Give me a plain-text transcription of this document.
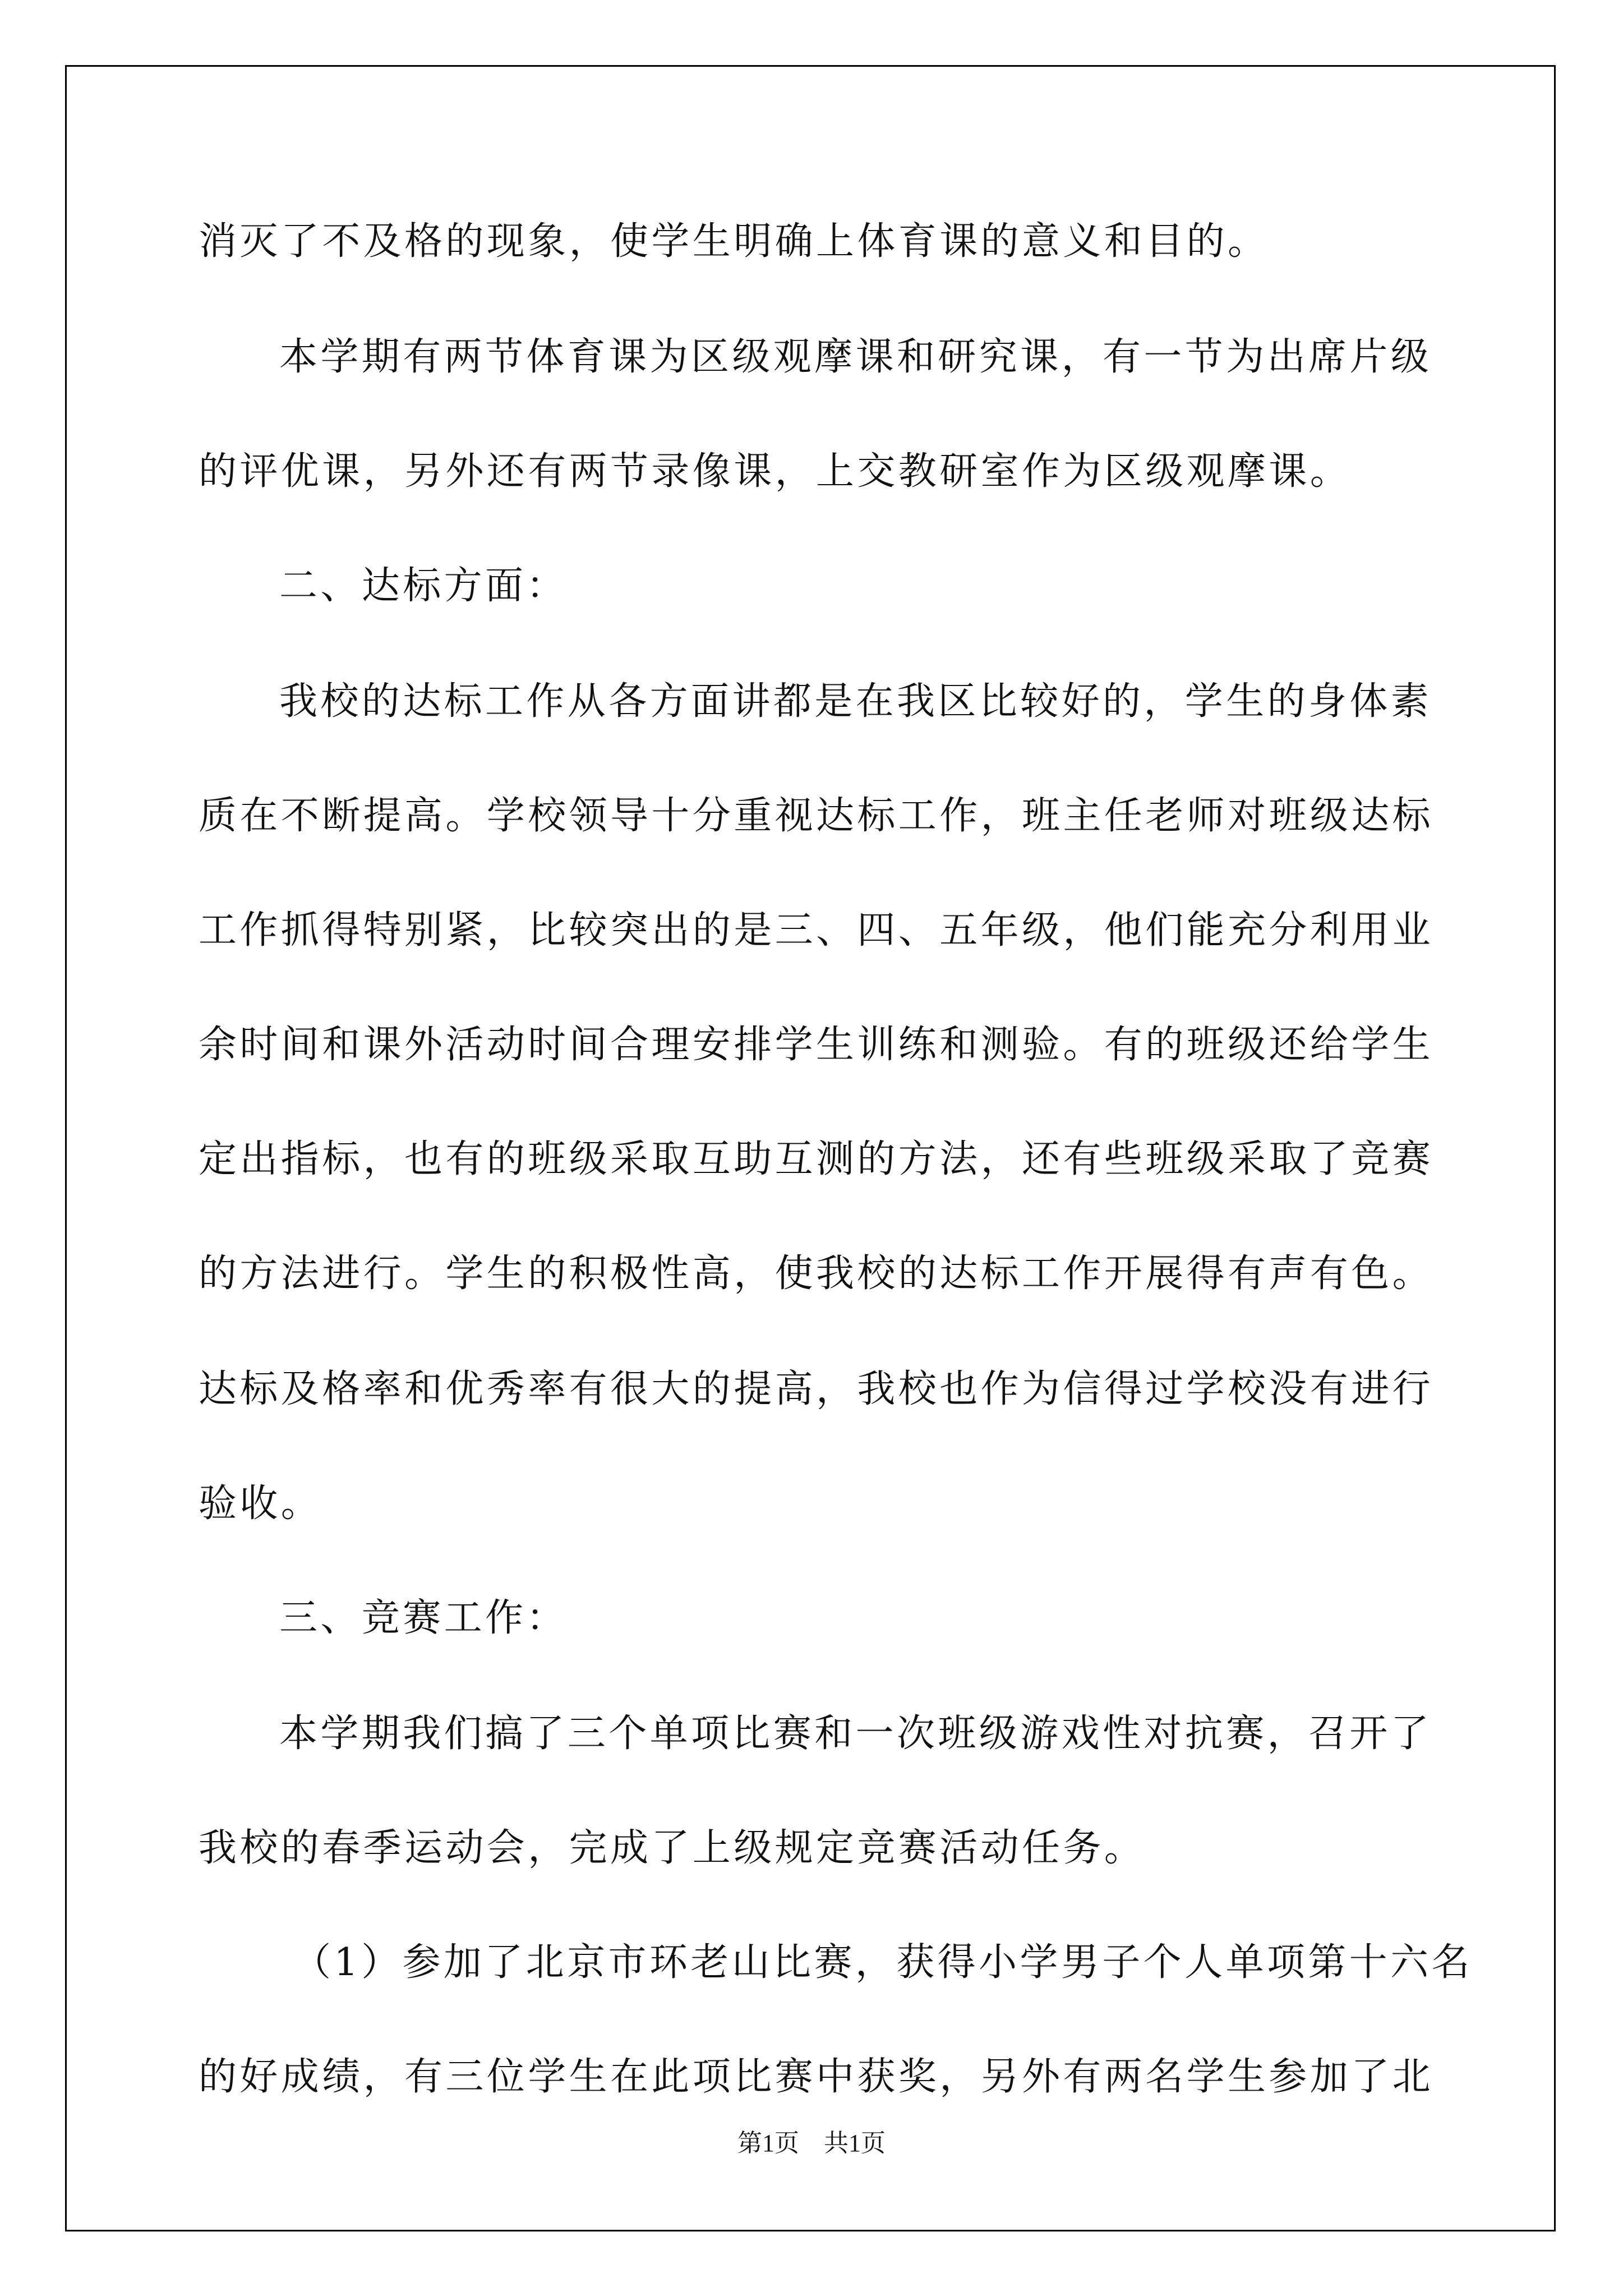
消灭了不及格的现象，使学生明确上体育课的意义和目的。

本学期有两节体育课为区级观摩课和研究课，有一节为出席片级

的评优课，另外还有两节录像课，上交教研室作为区级观摩课。

二、达标方面：

我校的达标工作从各方面讲都是在我区比较好的，学生的身体素

质在不断提高。学校领导十分重视达标工作，班主任老师对班级达标

工作抓得特别紧，比较突出的是三、四、五年级，他们能充分利用业

余时间和课外活动时间合理安排学生训练和测验。有的班级还给学生

定出指标，也有的班级采取互助互测的方法，还有些班级采取了竞赛

的方法进行。学生的积极性高，使我校的达标工作开展得有声有色。

达标及格率和优秀率有很大的提高，我校也作为信得过学校没有进行

验收。

三、竞赛工作：

本学期我们搞了三个单项比赛和一次班级游戏性对抗赛，召开了

我校的春季运动会，完成了上级规定竞赛活动任务。

（1）参加了北京市环老山比赛，获得小学男子个人单项第十六名

的好成绩，有三位学生在此项比赛中获奖，另外有两名学生参加了北

第1页　共1页
